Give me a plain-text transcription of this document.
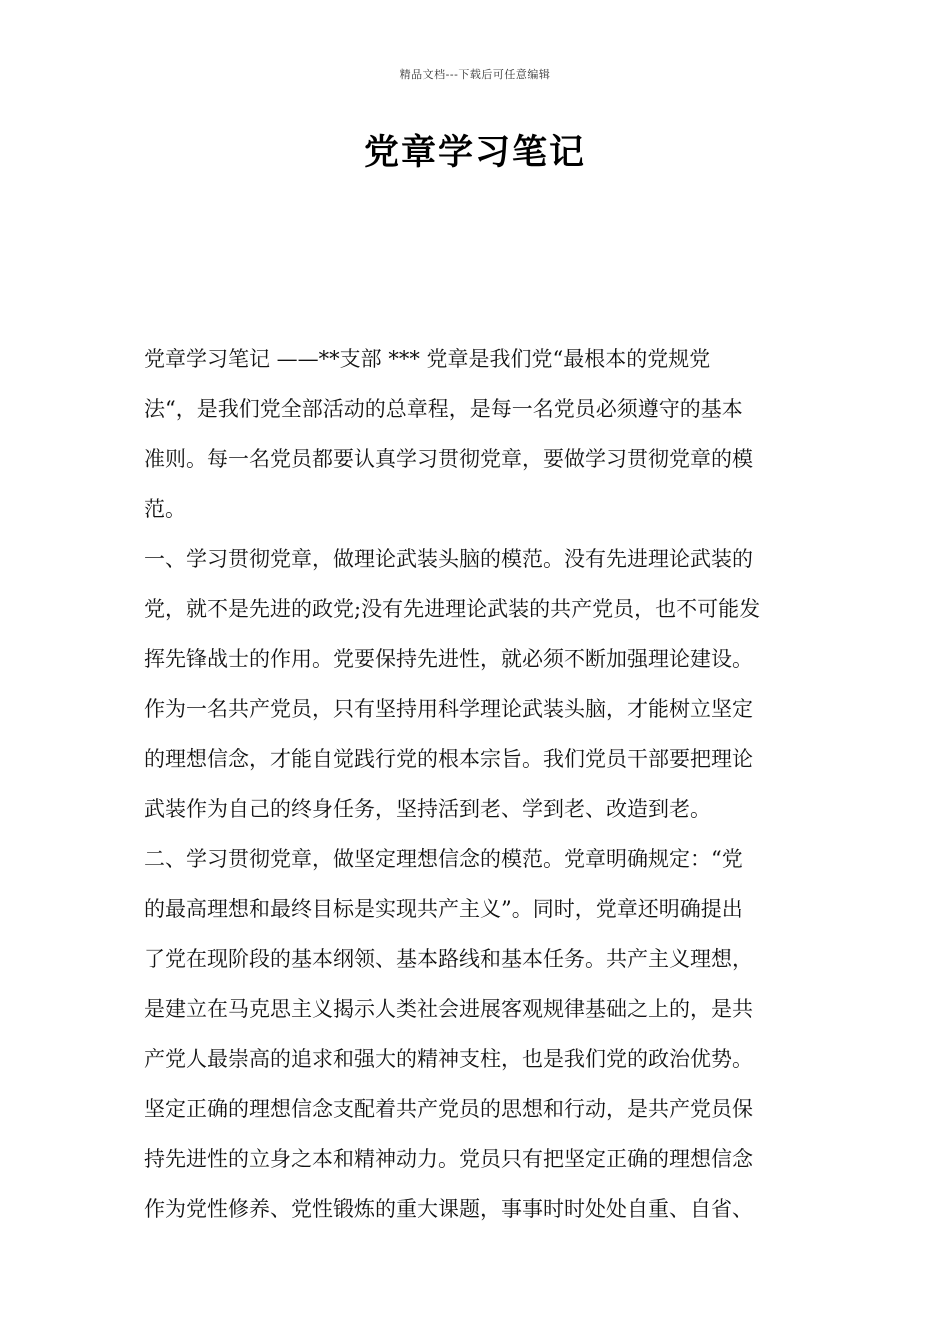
精品文档---下载后可任意编辑
党章学习笔记
党章学习笔记 ——**支部 *** 党章是我们党“最根本的党规党
法“，是我们党全部活动的总章程，是每一名党员必须遵守的基本
准则。每一名党员都要认真学习贯彻党章，要做学习贯彻党章的模
范。
一、学习贯彻党章，做理论武装头脑的模范。没有先进理论武装的
党，就不是先进的政党;没有先进理论武装的共产党员，也不可能发
挥先锋战士的作用。党要保持先进性，就必须不断加强理论建设。
作为一名共产党员，只有坚持用科学理论武装头脑，才能树立坚定
的理想信念，才能自觉践行党的根本宗旨。我们党员干部要把理论
武装作为自己的终身任务，坚持活到老、学到老、改造到老。
二、学习贯彻党章，做坚定理想信念的模范。党章明确规定：“党
的最高理想和最终目标是实现共产主义”。同时，党章还明确提出
了党在现阶段的基本纲领、基本路线和基本任务。共产主义理想，
是建立在马克思主义揭示人类社会进展客观规律基础之上的，是共
产党人最崇高的追求和强大的精神支柱，也是我们党的政治优势。
坚定正确的理想信念支配着共产党员的思想和行动，是共产党员保
持先进性的立身之本和精神动力。党员只有把坚定正确的理想信念
作为党性修养、党性锻炼的重大课题，事事时时处处自重、自省、
